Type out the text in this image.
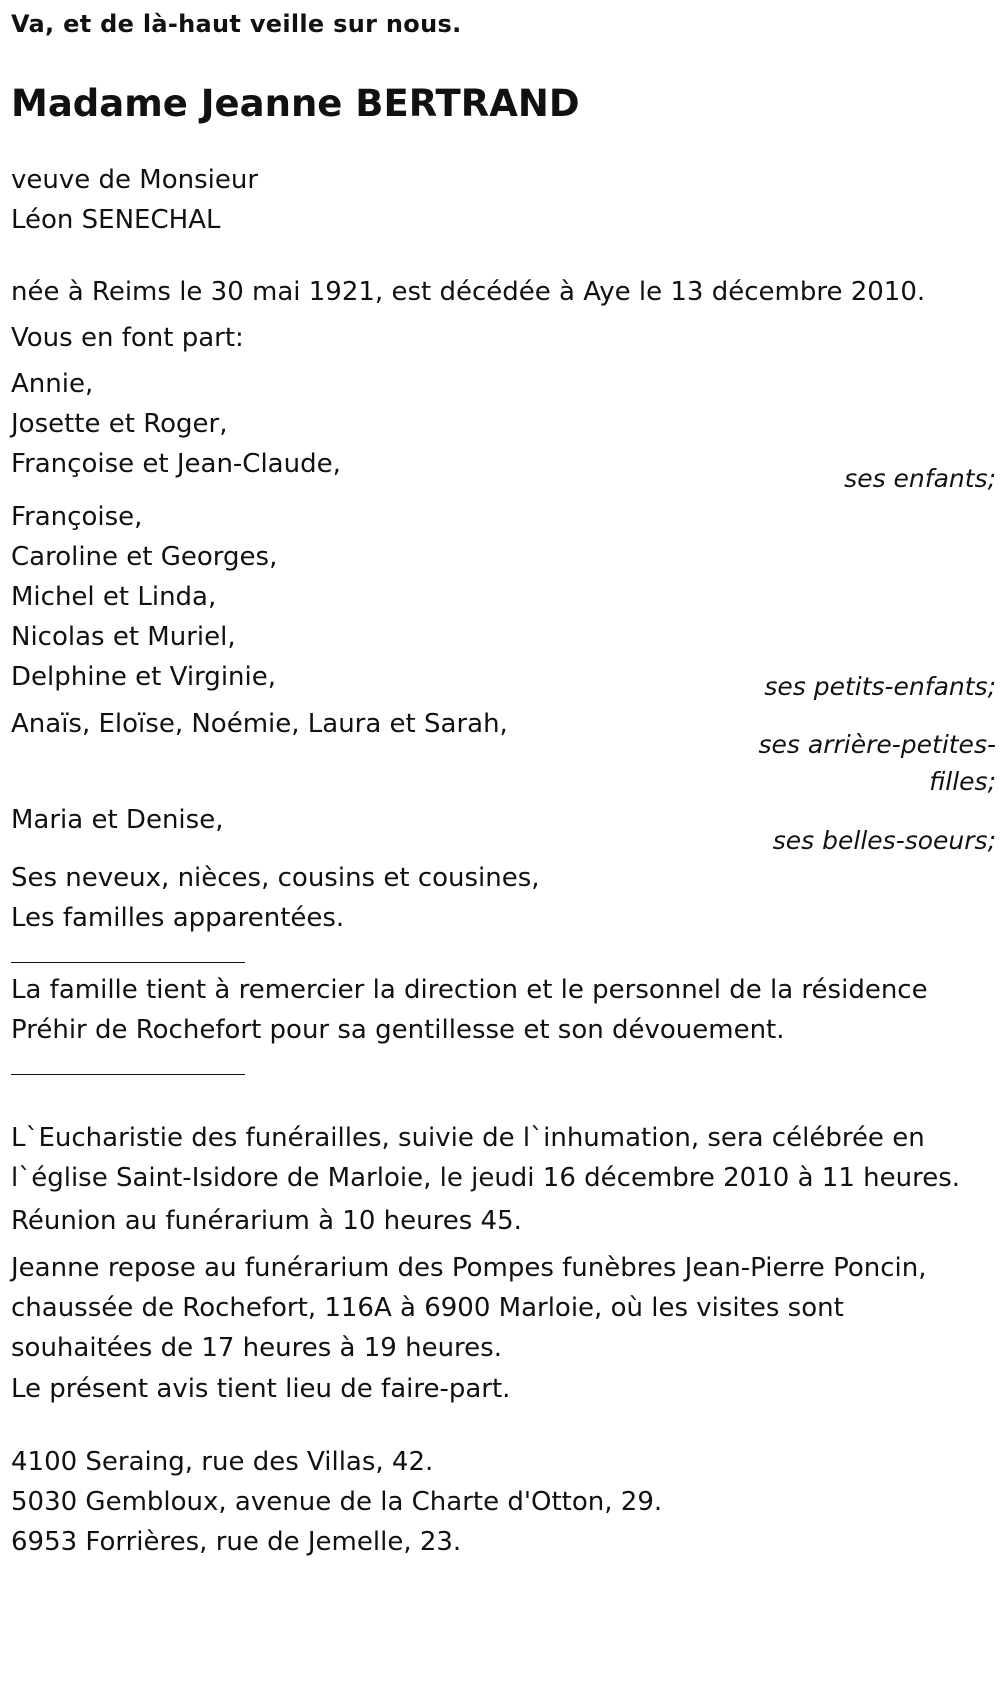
Va, et de là-haut veille sur nous.
Madame Jeanne BERTRAND
veuve de Monsieur
Léon SENECHAL
née à Reims le 30 mai 1921, est décédée à Aye le 13 décembre 2010.
Vous en font part:
Annie,
Josette et Roger,
Françoise et Jean-Claude,	ses enfants;
Françoise,
Caroline et Georges,
Michel et Linda,
Nicolas et Muriel,
Delphine et Virginie,	ses petits-enfants;
Anaïs, Eloïse, Noémie, Laura et Sarah,
ses arrière-petites-
filles;
Maria et Denise,
ses belles-soeurs;
Ses neveux, nièces, cousins et cousines,
Les familles apparentées.
La famille tient à remercier la direction et le personnel de la résidence
Préhir de Rochefort pour sa gentillesse et son dévouement.
L`Eucharistie des funérailles, suivie de l`inhumation, sera célébrée en
l`église Saint-Isidore de Marloie, le jeudi 16 décembre 2010 à 11 heures.
Réunion au funérarium à 10 heures 45.
Jeanne repose au funérarium des Pompes funèbres Jean-Pierre Poncin,
chaussée de Rochefort, 116A à 6900 Marloie, où les visites sont
souhaitées de 17 heures à 19 heures.
Le présent avis tient lieu de faire-part.
4100 Seraing, rue des Villas, 42.
5030 Gembloux, avenue de la Charte d'Otton, 29.
6953 Forrières, rue de Jemelle, 23.
